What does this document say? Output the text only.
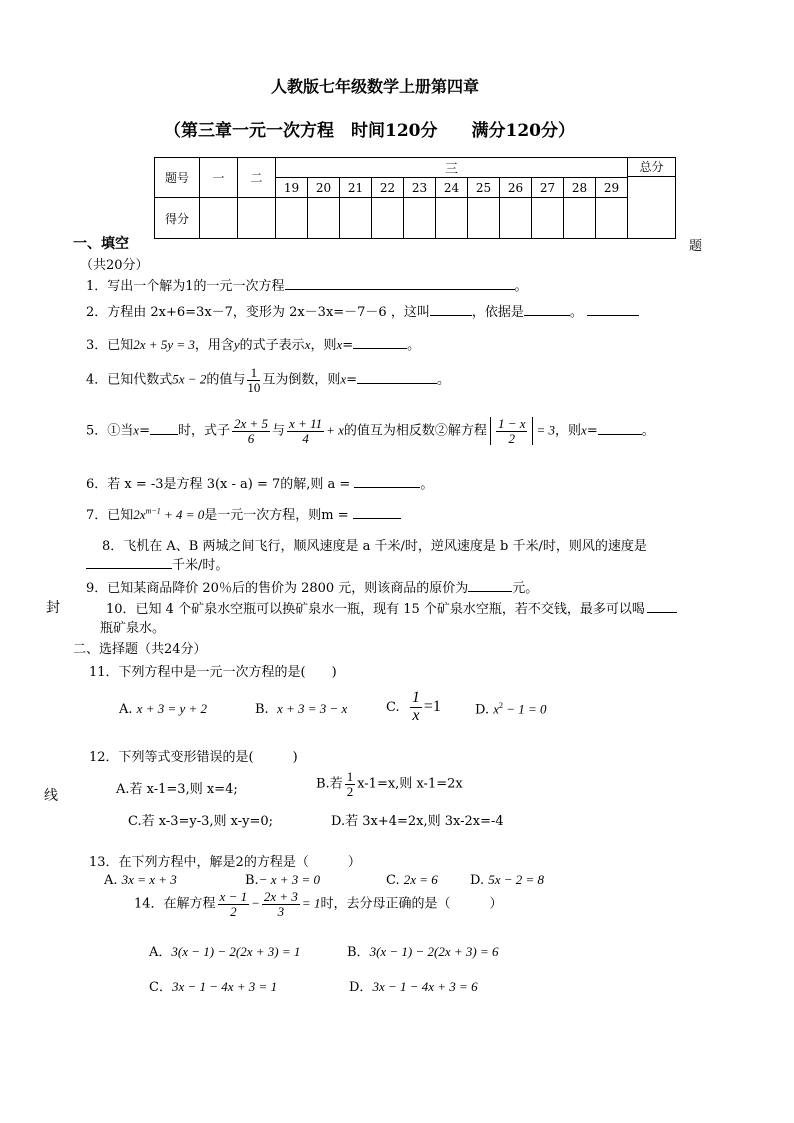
人教版七年级数学上册第四章
（第三章一元一次方程　时间120分　　满分120分）
题号	一	二	三											总分

			19	20	21	22	23	24	25	26	27	28	29	
得分														
一、填空	题
（共20分）
1．写出一个解为1的一元一次方程	。
2．方程由 2x+6=3x－7，变形为 2x－3x=－7－6 ，这叫	，依据是	。
3．已知2x + 5y = 3，用含y的式子表示x，则x=	。
4．已知代数式5x − 2的值与 $\frac{1}{10}$ 互为倒数，则x=	。
5．①当x= 时，式子 $\frac{2x + 5}{6}$ 与 $\frac{x + 11}{4} + x$的值互为相反数②解方程 $\frac{1 - x}{2} = 3$，则x=	。
6．若 x = -3是方程 3(x - a) = 7的解,则 a =	。
7．已知$2x^{m-1} + 4 = 0$是一元一次方程，则m =
8．飞机在 A、B 两城之间飞行，顺风速度是 a 千米/时，逆风速度是 b 千米/时，则风的速度是
千米/时。
9．已知某商品降价 20％后的售价为 2800 元，则该商品的原价为	元。
封	10．已知 4 个矿泉水空瓶可以换矿泉水一瓶，现有 15 个矿泉水空瓶，若不交钱，最多可以喝
瓶矿泉水。
二、选择题（共24分）
11．下列方程中是一元一次方程的是(　　)
A. x + 3 = y + 2	B. x + 3 = 3 − x	C. $\frac{1}{x} =1$	D. $x^2 - 1 = 0$
12．下列等式变形错误的是(　　　)
线	A.若 x-1=3,则 x=4;	B.若 $\frac{1}{2} x-1=x$,则 x-1=2x
C.若 x-3=y-3,则 x-y=0;	D.若 3x+4=2x,则 3x-2x=-4
13．在下列方程中，解是2的方程是（　　　）
A. 3x = x + 3	B.− x + 3 = 0	C. 2x = 6 D. 5x − 2 = 8
14．在解方程 $\frac{x - 1}{2} - \frac{2x + 3}{3} = 1$时，去分母正确的是（　　　）
A．3(x − 1) − 2(2x + 3) = 1	B．3(x − 1) − 2(2x + 3) = 6
C．3x − 1 − 4x + 3 = 1	D．3x − 1 − 4x + 3 = 6
